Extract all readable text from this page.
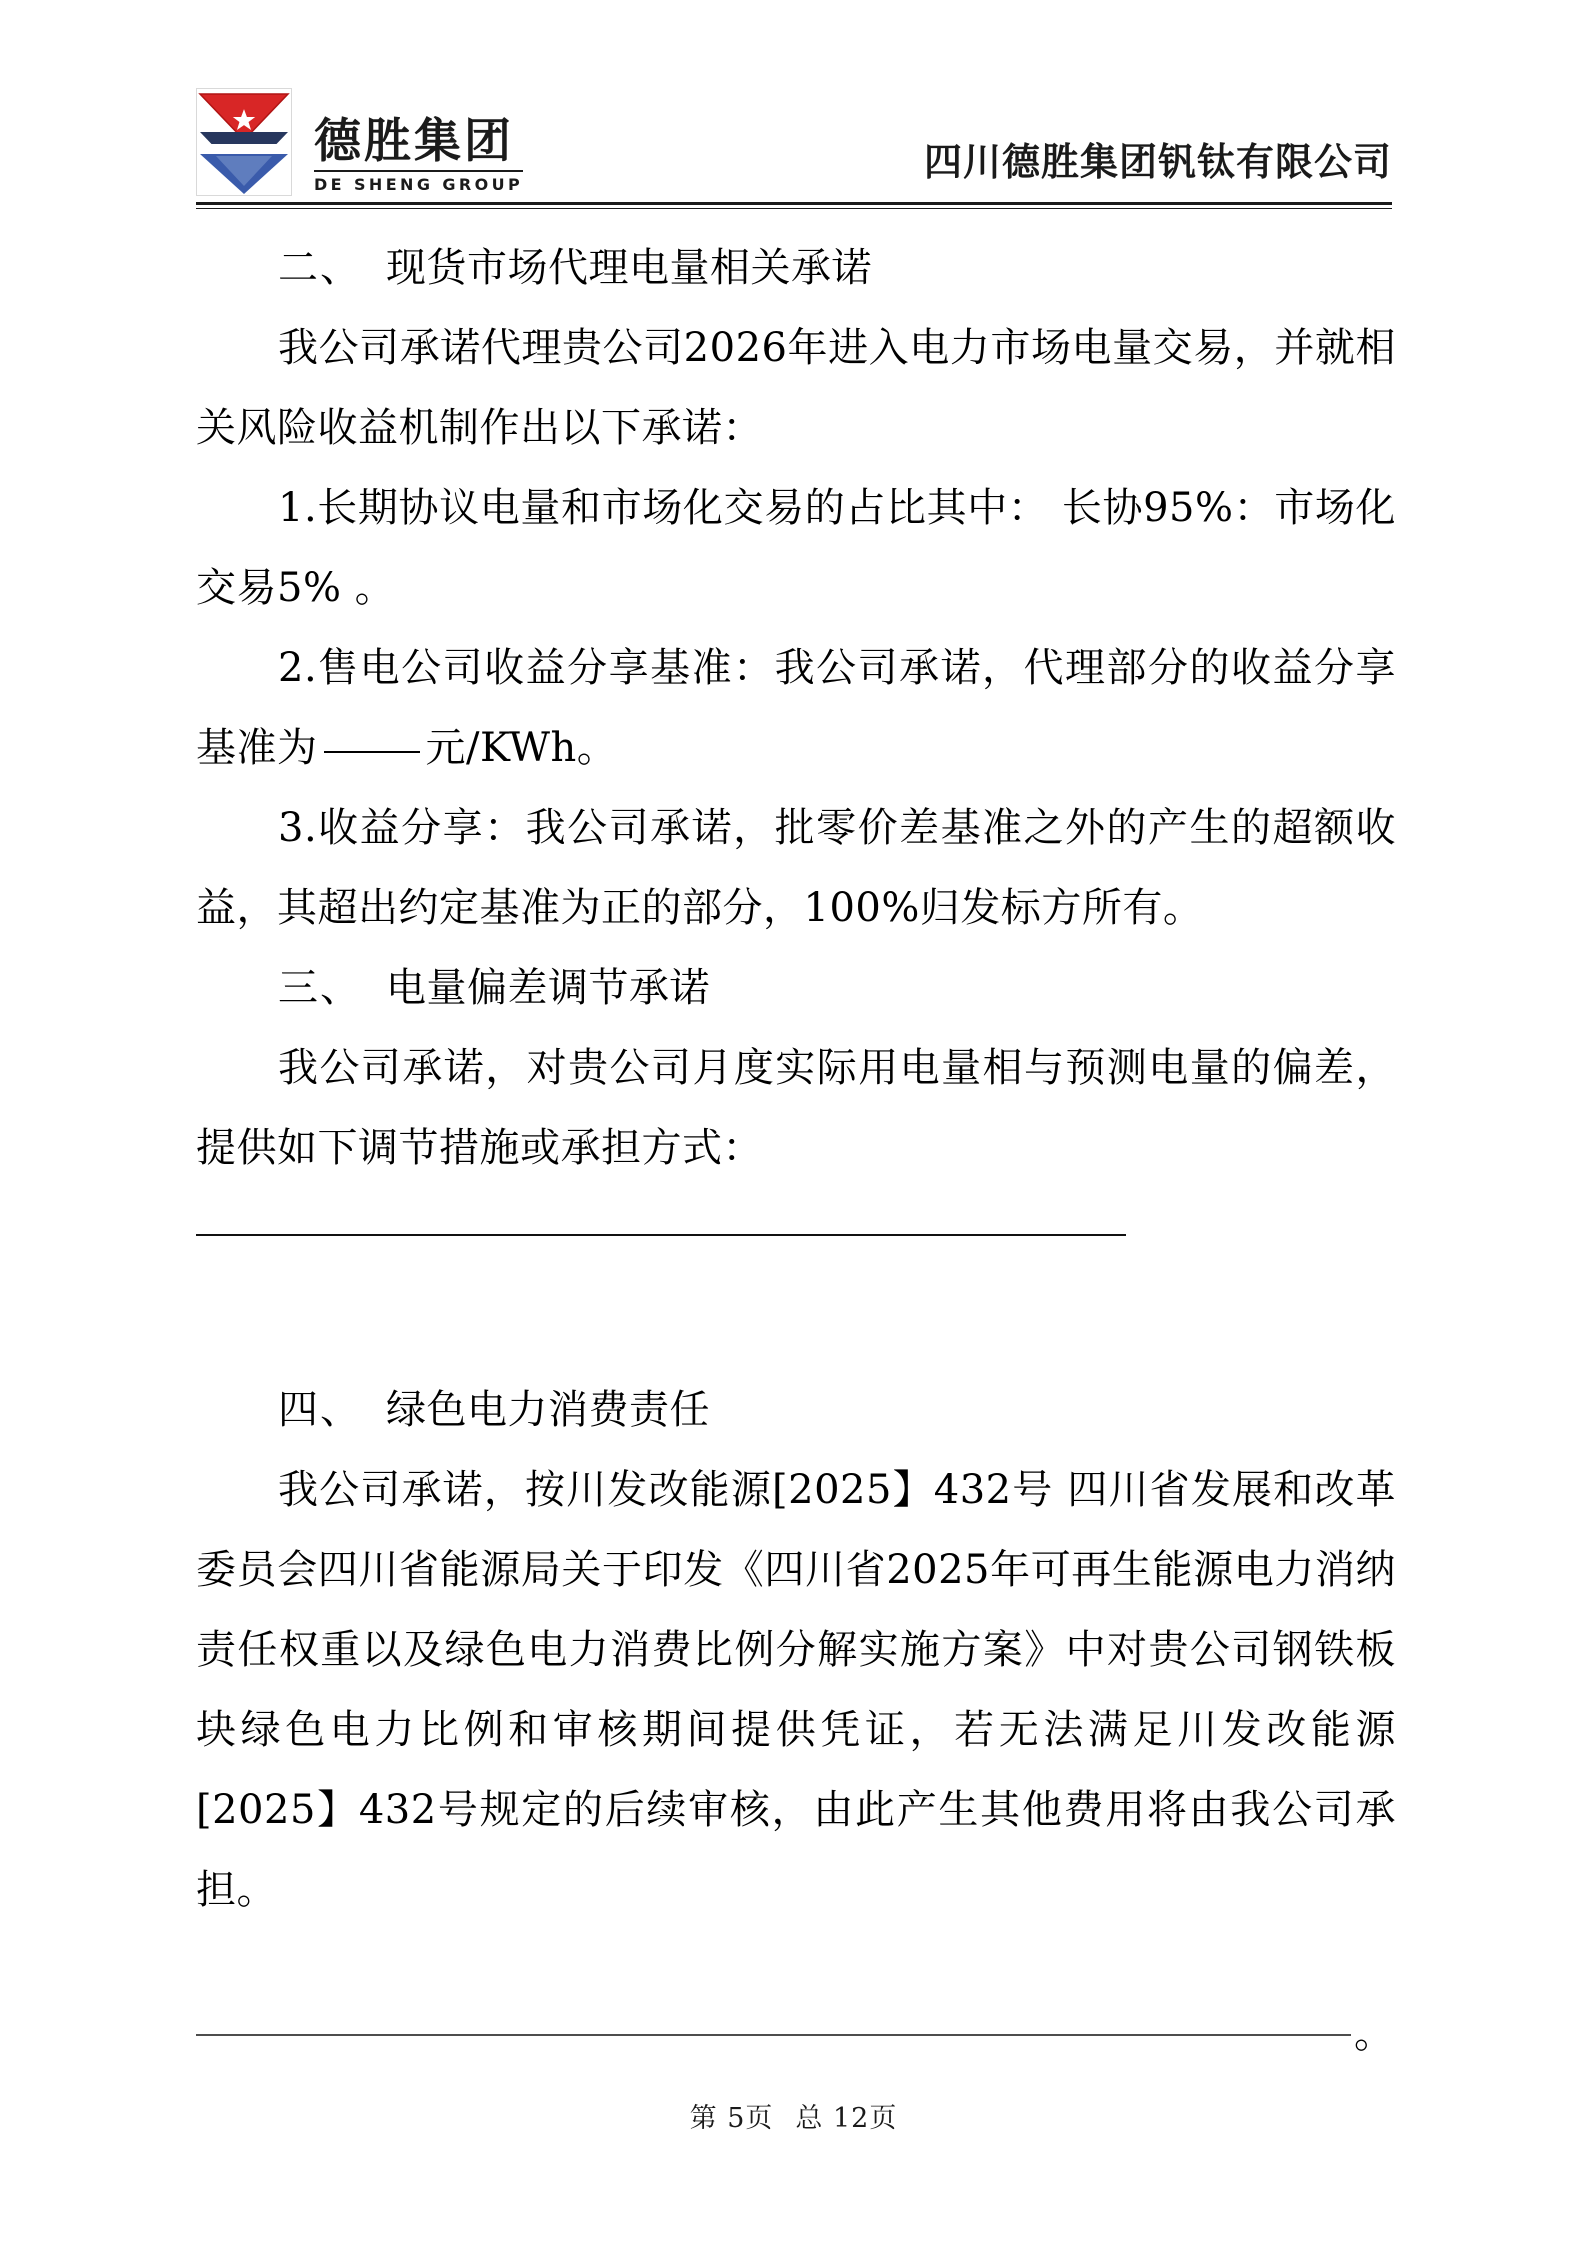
德胜集团
DE SHENG GROUP
四川德胜集团钒钛有限公司

二、 现货市场代理电量相关承诺

我公司承诺代理贵公司2026年进入电力市场电量交易，并就相关风险收益机制作出以下承诺：

1.长期协议电量和市场化交易的占比其中： 长协95%：市场化交易5% 。

2.售电公司收益分享基准：我公司承诺，代理部分的收益分享基准为	元/KWh。

3.收益分享：我公司承诺，批零价差基准之外的产生的超额收益，其超出约定基准为正的部分，100%归发标方所有。

三、 电量偏差调节承诺

我公司承诺，对贵公司月度实际用电量相与预测电量的偏差，提供如下调节措施或承担方式：

四、 绿色电力消费责任

我公司承诺，按川发改能源[2025】432号 四川省发展和改革委员会四川省能源局关于印发《四川省2025年可再生能源电力消纳责任权重以及绿色电力消费比例分解实施方案》中对贵公司钢铁板块绿色电力比例和审核期间提供凭证，若无法满足川发改能源[2025】432号规定的后续审核，由此产生其他费用将由我公司承担。

。
第 5页 总 12页
